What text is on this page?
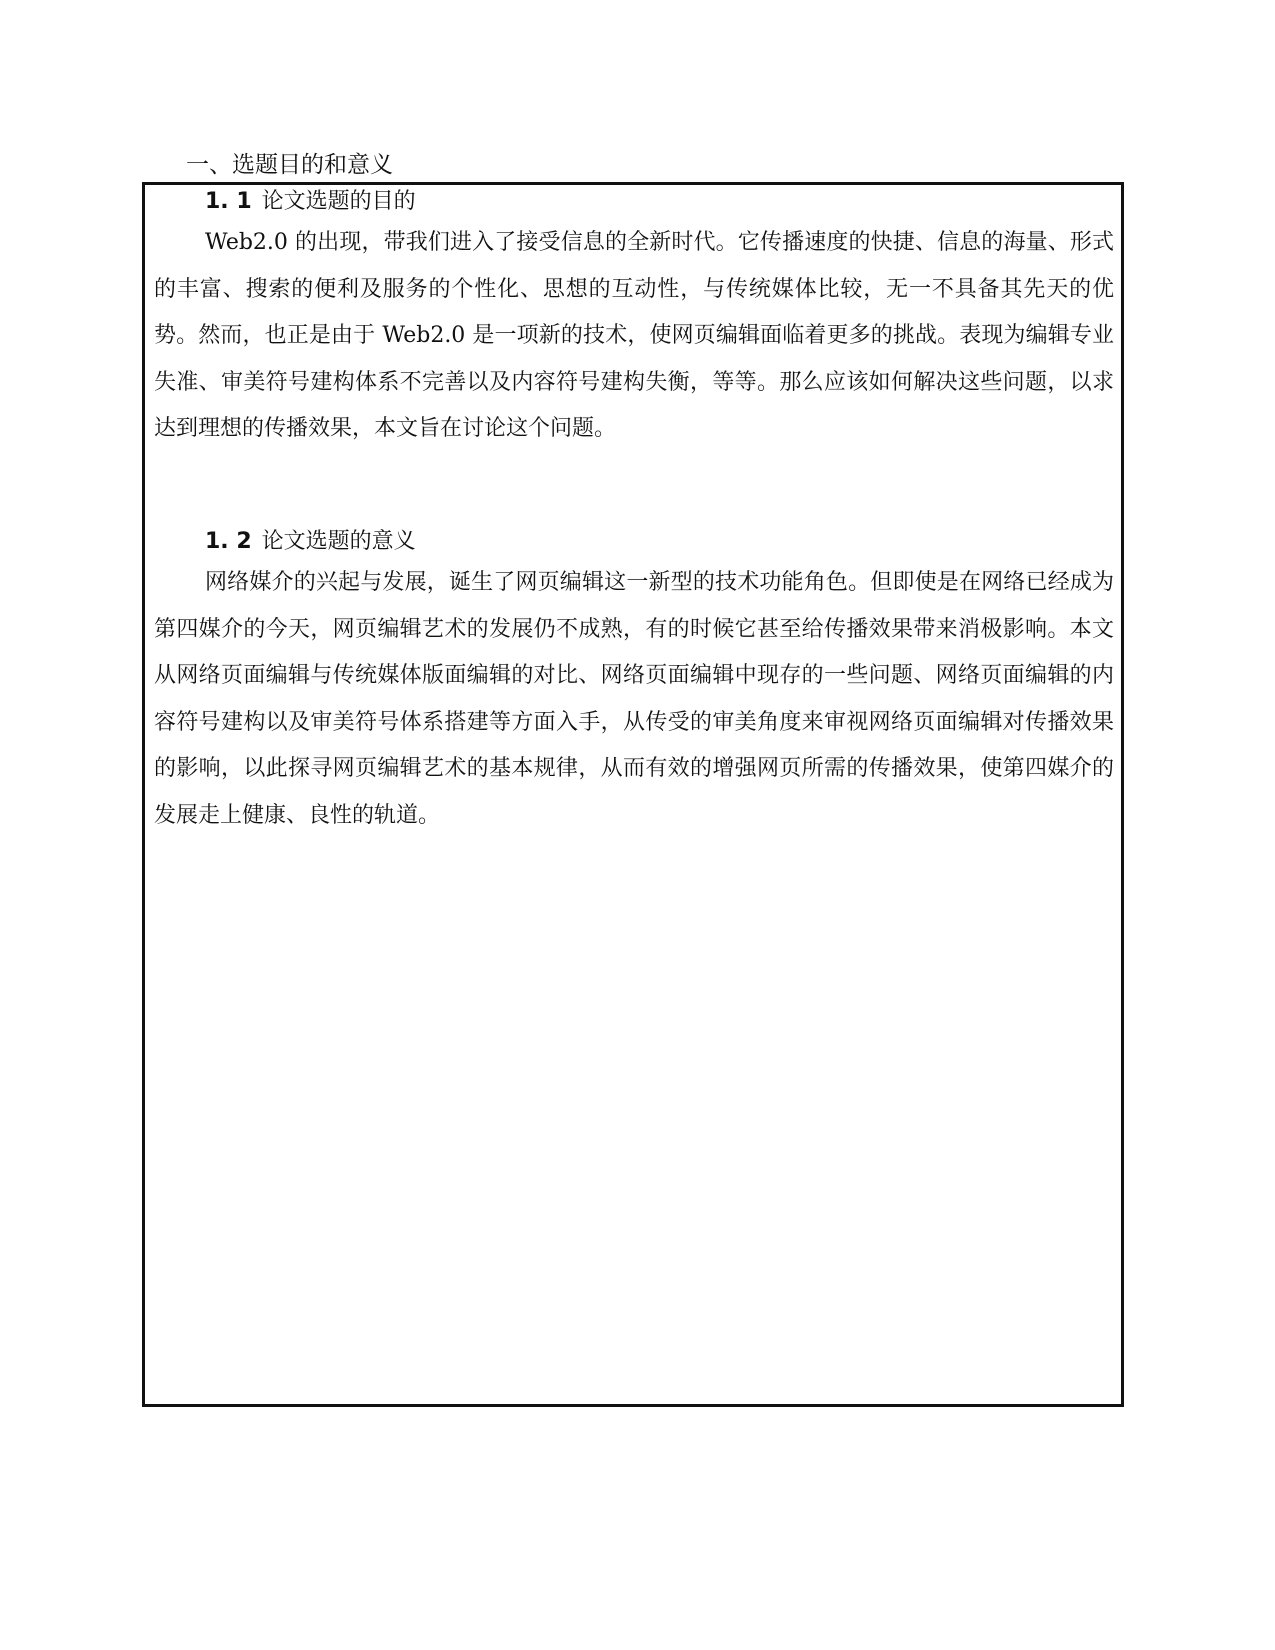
一、选题目的和意义
1. 1 论文选题的目的

Web2.0 的出现，带我们进入了接受信息的全新时代。它传播速度的快捷、信息的海量、形式的丰富、搜索的便利及服务的个性化、思想的互动性，与传统媒体比较，无一不具备其先天的优势。然而，也正是由于 Web2.0 是一项新的技术，使网页编辑面临着更多的挑战。表现为编辑专业失准、审美符号建构体系不完善以及内容符号建构失衡，等等。那么应该如何解决这些问题，以求达到理想的传播效果，本文旨在讨论这个问题。

1. 2 论文选题的意义

网络媒介的兴起与发展，诞生了网页编辑这一新型的技术功能角色。但即使是在网络已经成为第四媒介的今天，网页编辑艺术的发展仍不成熟，有的时候它甚至给传播效果带来消极影响。本文从网络页面编辑与传统媒体版面编辑的对比、网络页面编辑中现存的一些问题、网络页面编辑的内容符号建构以及审美符号体系搭建等方面入手，从传受的审美角度来审视网络页面编辑对传播效果的影响，以此探寻网页编辑艺术的基本规律，从而有效的增强网页所需的传播效果，使第四媒介的发展走上健康、良性的轨道。
